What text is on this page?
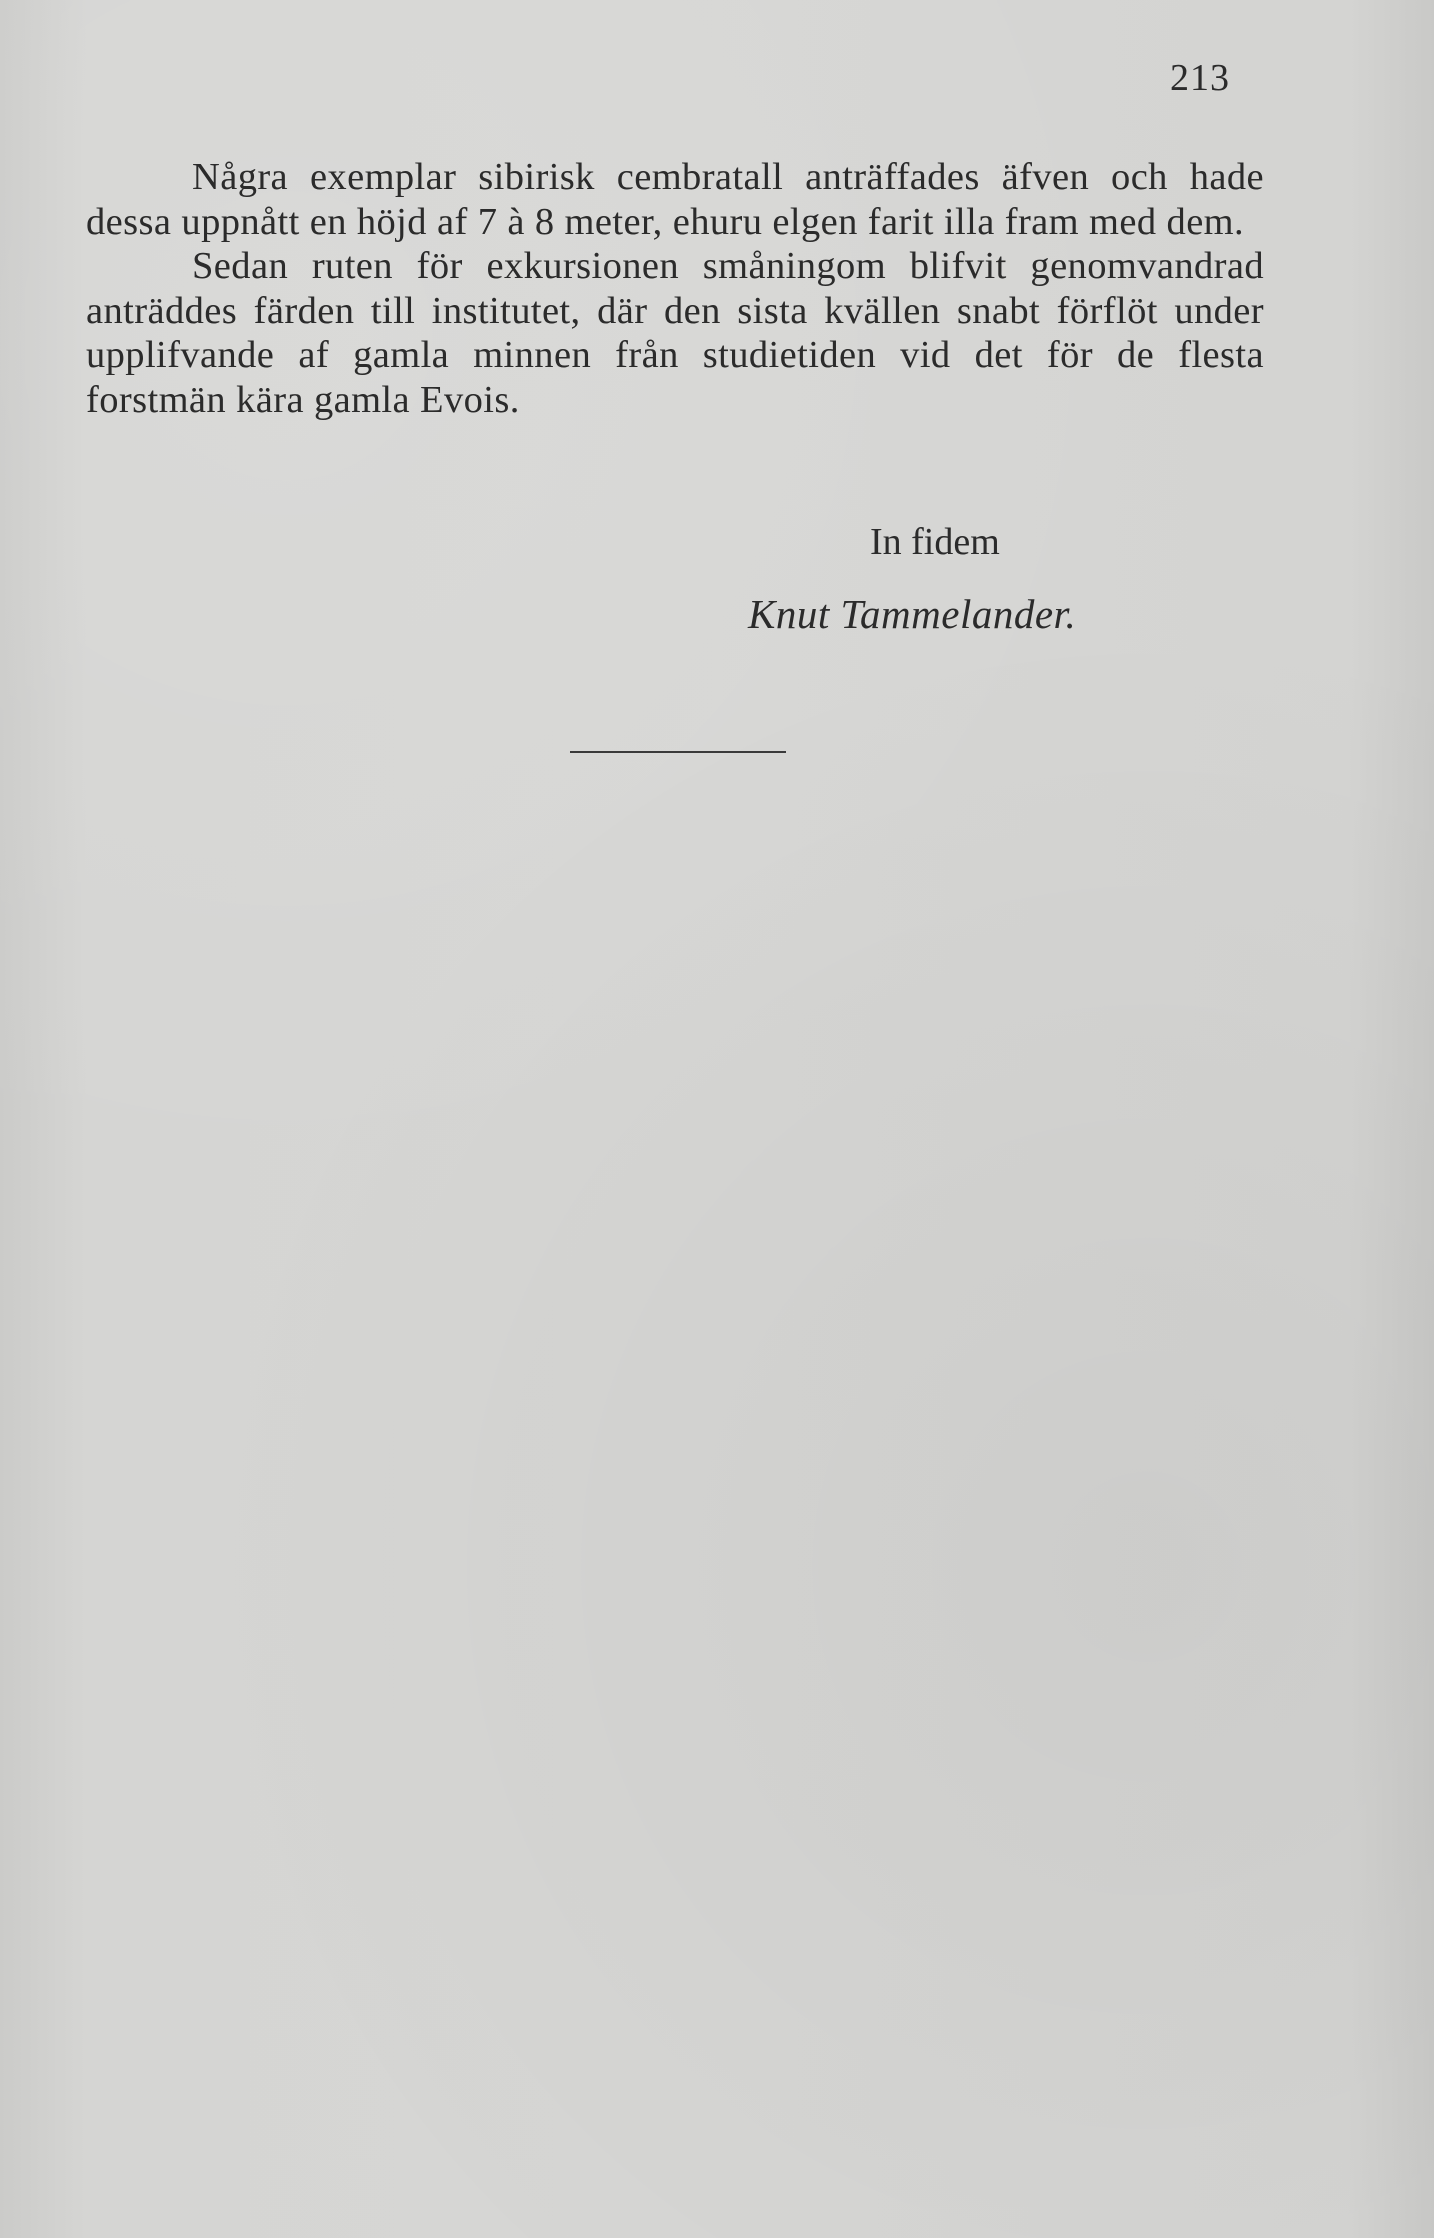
213

Några exemplar sibirisk cembratall anträffades äfven och hade dessa uppnått en höjd af 7 à 8 meter, ehuru elgen farit illa fram med dem.

Sedan ruten för exkursionen småningom blifvit genomvandrad anträddes färden till institutet, där den sista kvällen snabt förflöt under upplifvande af gamla minnen från studietiden vid det för de flesta forstmän kära gamla Evois.

In fidem
Knut Tammelander.
